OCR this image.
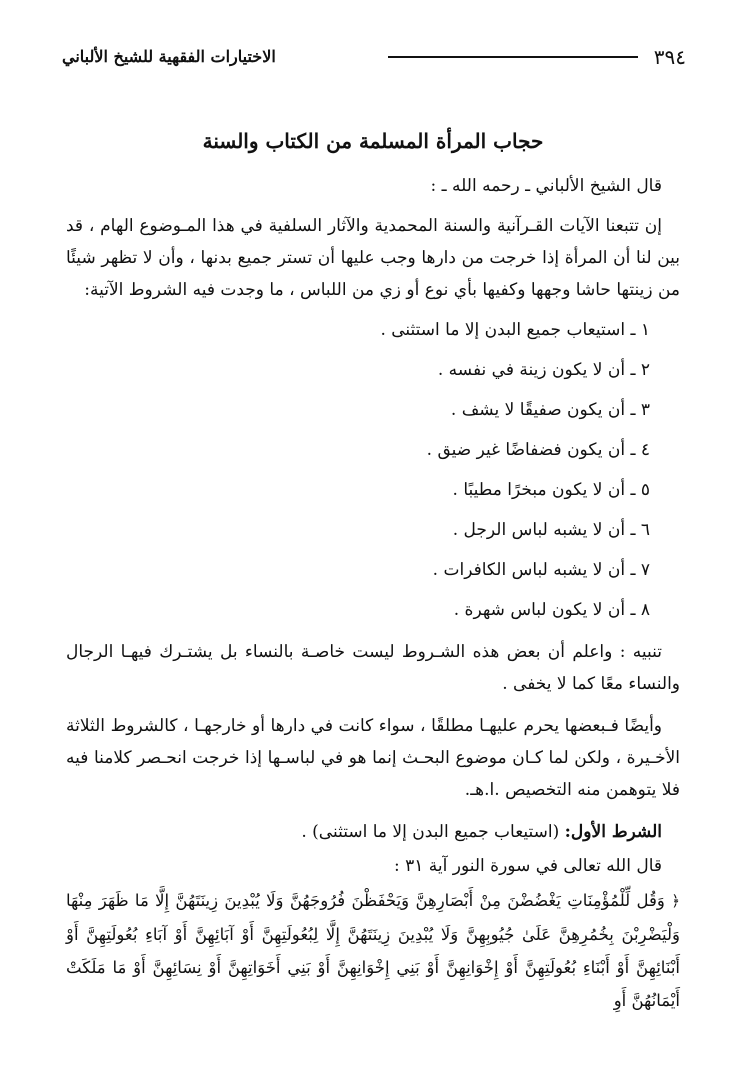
٣٩٤
الاختيارات الفقهية للشيخ الألباني
حجاب المرأة المسلمة من الكتاب والسنة

قال الشيخ الألباني ـ رحمه الله ـ :

إن تتبعنا الآيات القـرآنية والسنة المحمدية والآثار السلفية في هذا المـوضوع الهام ، قد بين لنا أن المرأة إذا خرجت من دارها وجب عليها أن تستر جميع بدنها ، وأن لا تظهر شيئًا من زينتها حاشا وجهها وكفيها بأي نوع أو زي من اللباس ، ما وجدت فيه الشروط الآتية:

١ ـ استيعاب جميع البدن إلا ما استثنى .
٢ ـ أن لا يكون زينة في نفسه .
٣ ـ أن يكون صفيقًا لا يشف .
٤ ـ أن يكون فضفاضًا غير ضيق .
٥ ـ أن لا يكون مبخرًا مطيبًا .
٦ ـ أن لا يشبه لباس الرجل .
٧ ـ أن لا يشبه لباس الكافرات .
٨ ـ أن لا يكون لباس شهرة .

تنبيه : واعلم أن بعض هذه الشـروط ليست خاصـة بالنساء بل يشتـرك فيهـا الرجال والنساء معًا كما لا يخفى .

وأيضًا فـبعضها يحرم عليهـا مطلقًا ، سواء كانت في دارها أو خارجهـا ، كالشروط الثلاثة الأخـيرة ، ولكن لما كـان موضوع البحـث إنما هو في لباسـها إذا خرجت انحـصر كلامنا فيه فلا يتوهمن منه التخصيص .ا.هـ.

الشرط الأول: (استيعاب جميع البدن إلا ما استثنى) .

قال الله تعالى في سورة النور آية ٣١ :

﴿ وَقُل لِّلْمُؤْمِنَاتِ يَغْضُضْنَ مِنْ أَبْصَارِهِنَّ وَيَحْفَظْنَ فُرُوجَهُنَّ وَلَا يُبْدِينَ زِينَتَهُنَّ إِلَّا مَا ظَهَرَ مِنْهَا وَلْيَضْرِبْنَ بِخُمُرِهِنَّ عَلَىٰ جُيُوبِهِنَّ وَلَا يُبْدِينَ زِينَتَهُنَّ إِلَّا لِبُعُولَتِهِنَّ أَوْ آبَائِهِنَّ أَوْ آبَاءِ بُعُولَتِهِنَّ أَوْ أَبْنَائِهِنَّ أَوْ أَبْنَاءِ بُعُولَتِهِنَّ أَوْ إِخْوَانِهِنَّ أَوْ بَنِي إِخْوَانِهِنَّ أَوْ بَنِي أَخَوَاتِهِنَّ أَوْ نِسَائِهِنَّ أَوْ مَا مَلَكَتْ أَيْمَانُهُنَّ أَوِ
